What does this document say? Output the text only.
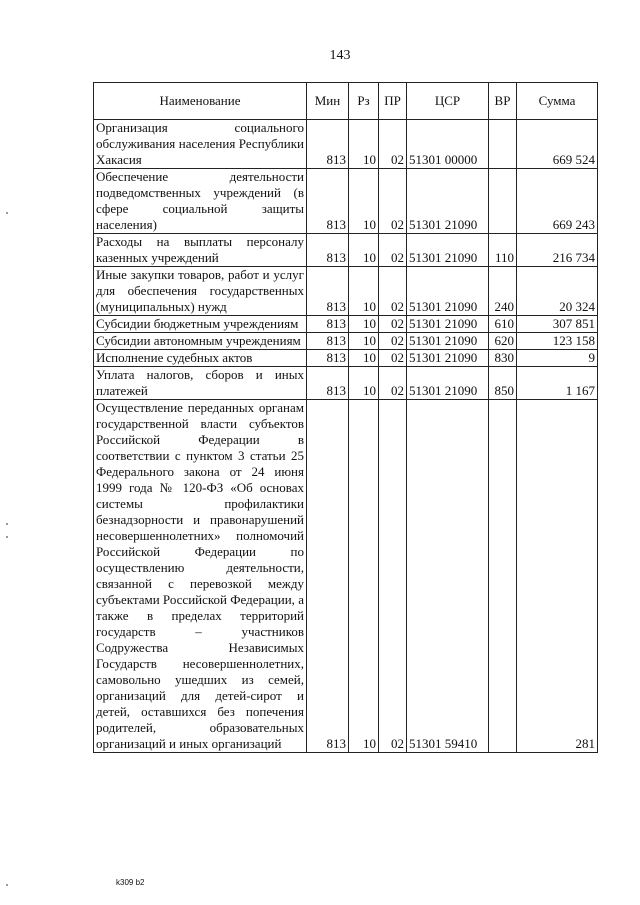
143
Наименование	Мин	Рз	ПР	ЦСР	ВР	Сумма
Организация социального обслуживания населения Республики Хакасия	813	10	02	51301 00000		669 524
Обеспечение деятельности подведомственных учреждений (в сфере социальной защиты населения)	813	10	02	51301 21090		669 243
Расходы на выплаты персоналу казенных учреждений	813	10	02	51301 21090	110	216 734
Иные закупки товаров, работ и услуг для обеспечения государственных (муниципальных) нужд	813	10	02	51301 21090	240	20 324
Субсидии бюджетным учреждениям	813	10	02	51301 21090	610	307 851
Субсидии автономным учреждениям	813	10	02	51301 21090	620	123 158
Исполнение судебных актов	813	10	02	51301 21090	830	9
Уплата налогов, сборов и иных платежей	813	10	02	51301 21090	850	1 167
Осуществление переданных органам государственной власти субъектов Российской Федерации в соответствии с пунктом 3 статьи 25 Федерального закона от 24 июня 1999 года № 120-ФЗ «Об основах системы профилактики безнадзорности и правонарушений несовершеннолетних» полномочий Российской Федерации по осуществлению деятельности, связанной с перевозкой между субъектами Российской Федерации, а также в пределах территорий государств – участников Содружества Независимых Государств несовершеннолетних, самовольно ушедших из семей, организаций для детей-сирот и детей, оставшихся без попечения родителей, образовательных организаций и иных организаций	813	10	02	51301 59410		281
k309 b2
